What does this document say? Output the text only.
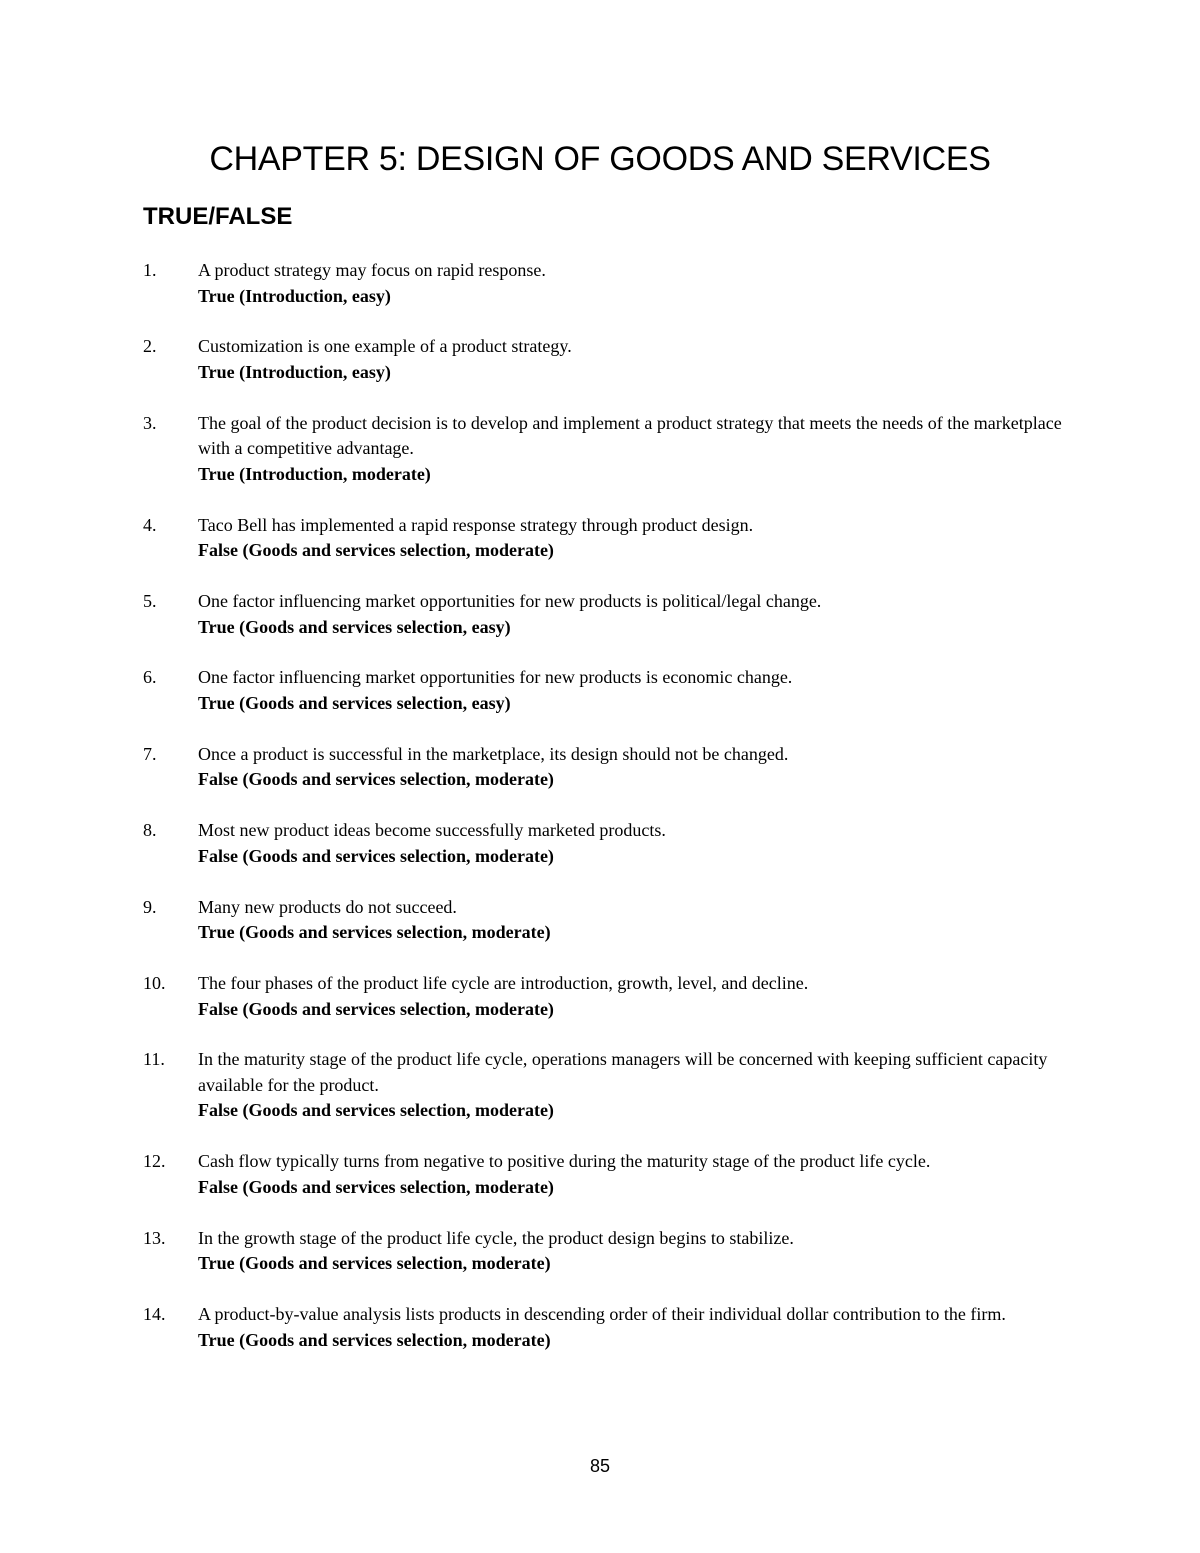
CHAPTER 5: DESIGN OF GOODS AND SERVICES
TRUE/FALSE
1. A product strategy may focus on rapid response.
True (Introduction, easy)
2. Customization is one example of a product strategy.
True (Introduction, easy)
3. The goal of the product decision is to develop and implement a product strategy that meets the needs of the marketplace with a competitive advantage.
True (Introduction, moderate)
4. Taco Bell has implemented a rapid response strategy through product design.
False (Goods and services selection, moderate)
5. One factor influencing market opportunities for new products is political/legal change.
True (Goods and services selection, easy)
6. One factor influencing market opportunities for new products is economic change.
True (Goods and services selection, easy)
7. Once a product is successful in the marketplace, its design should not be changed.
False (Goods and services selection, moderate)
8. Most new product ideas become successfully marketed products.
False (Goods and services selection, moderate)
9. Many new products do not succeed.
True (Goods and services selection, moderate)
10. The four phases of the product life cycle are introduction, growth, level, and decline.
False (Goods and services selection, moderate)
11. In the maturity stage of the product life cycle, operations managers will be concerned with keeping sufficient capacity available for the product.
False (Goods and services selection, moderate)
12. Cash flow typically turns from negative to positive during the maturity stage of the product life cycle.
False (Goods and services selection, moderate)
13. In the growth stage of the product life cycle, the product design begins to stabilize.
True (Goods and services selection, moderate)
14. A product-by-value analysis lists products in descending order of their individual dollar contribution to the firm.
True (Goods and services selection, moderate)
85
